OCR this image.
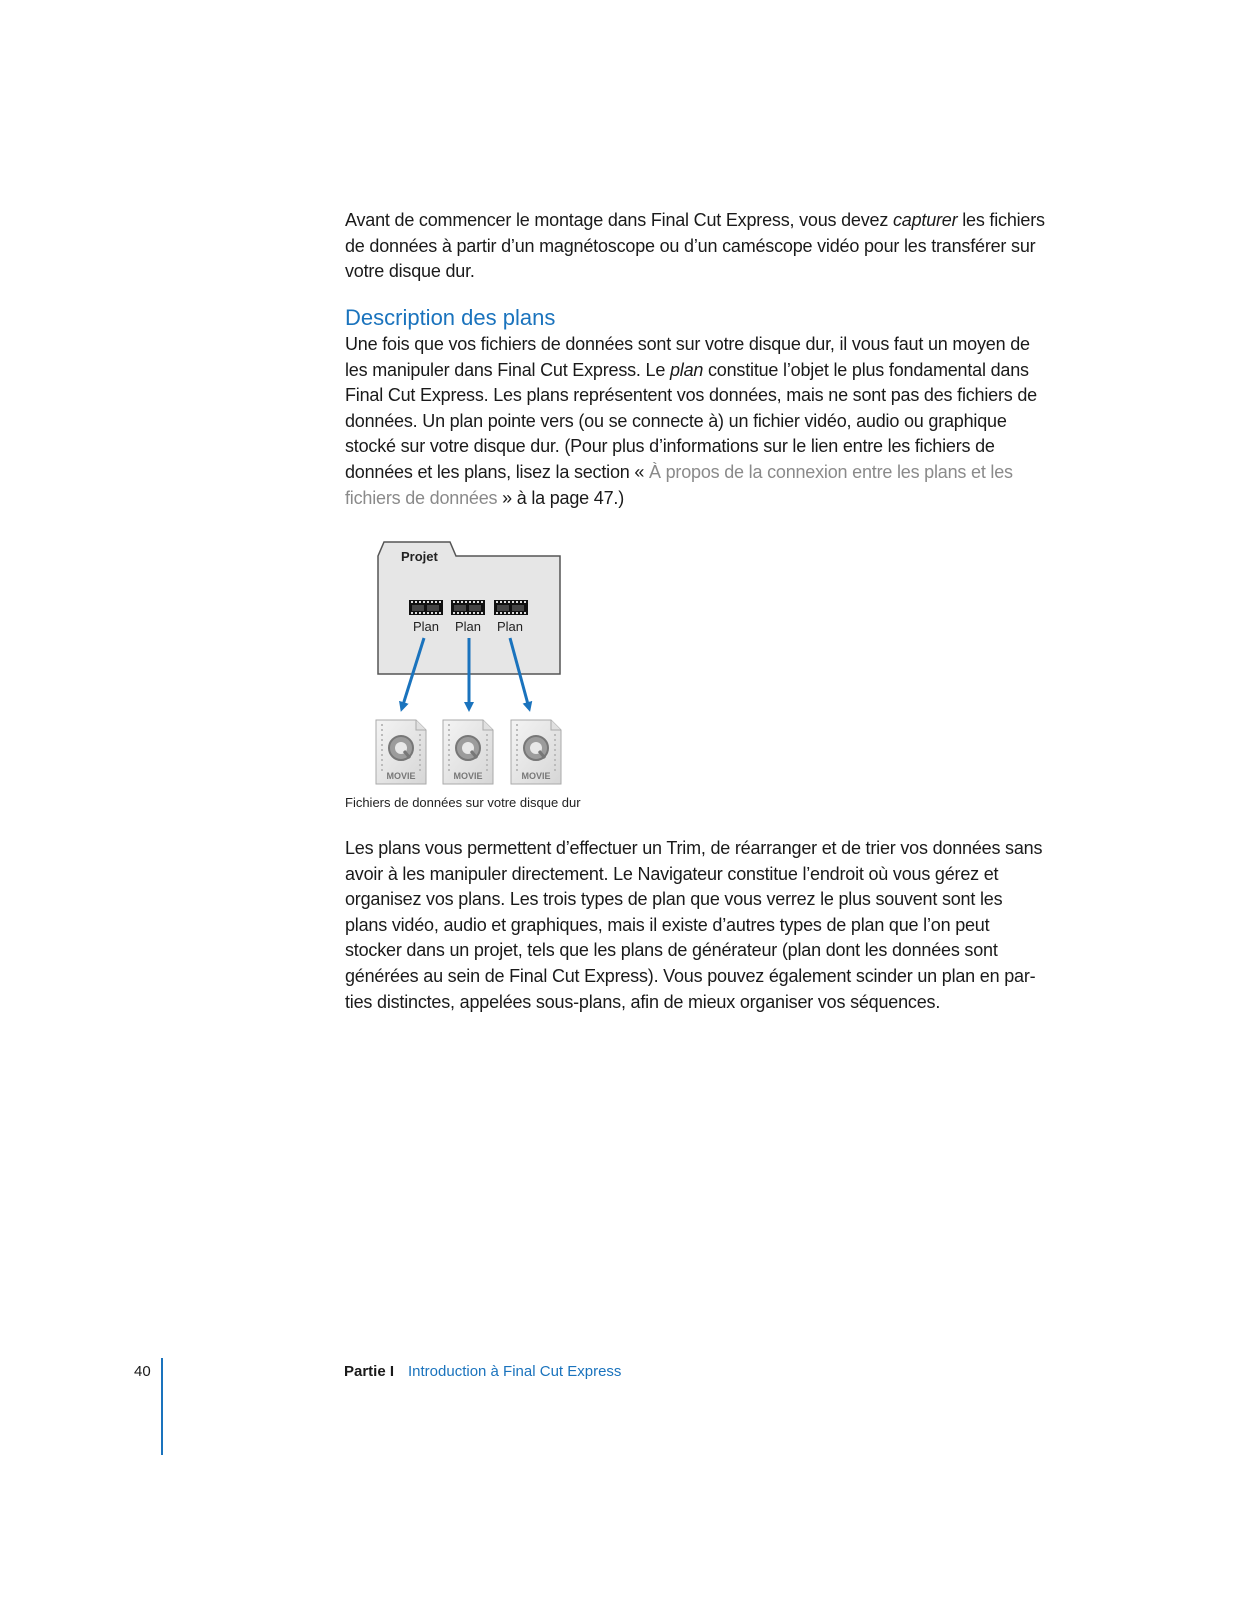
Avant de commencer le montage dans Final Cut Express, vous devez capturer les fichiers de données à partir d’un magnétoscope ou d’un caméscope vidéo pour les transférer sur votre disque dur.

Description des plans

Une fois que vos fichiers de données sont sur votre disque dur, il vous faut un moyen de les manipuler dans Final Cut Express. Le plan constitue l’objet le plus fondamental dans Final Cut Express. Les plans représentent vos données, mais ne sont pas des fichiers de données. Un plan pointe vers (ou se connecte à) un fichier vidéo, audio ou graphique stocké sur votre disque dur. (Pour plus d’informations sur le lien entre les fichiers de données et les plans, lisez la section « À propos de la connexion entre les plans et les fichiers de données » à la page 47.)

Projet
Plan Plan Plan
MOVIE	MOVIE	MOVIE
Fichiers de données sur votre disque dur

Les plans vous permettent d’effectuer un Trim, de réarranger et de trier vos données sans avoir à les manipuler directement. Le Navigateur constitue l’endroit où vous gérez et organisez vos plans. Les trois types de plan que vous verrez le plus souvent sont les plans vidéo, audio et graphiques, mais il existe d’autres types de plan que l’on peut stocker dans un projet, tels que les plans de générateur (plan dont les données sont générées au sein de Final Cut Express). Vous pouvez également scinder un plan en par-ties distinctes, appelées sous-plans, afin de mieux organiser vos séquences.

40	Partie I Introduction à Final Cut Express
